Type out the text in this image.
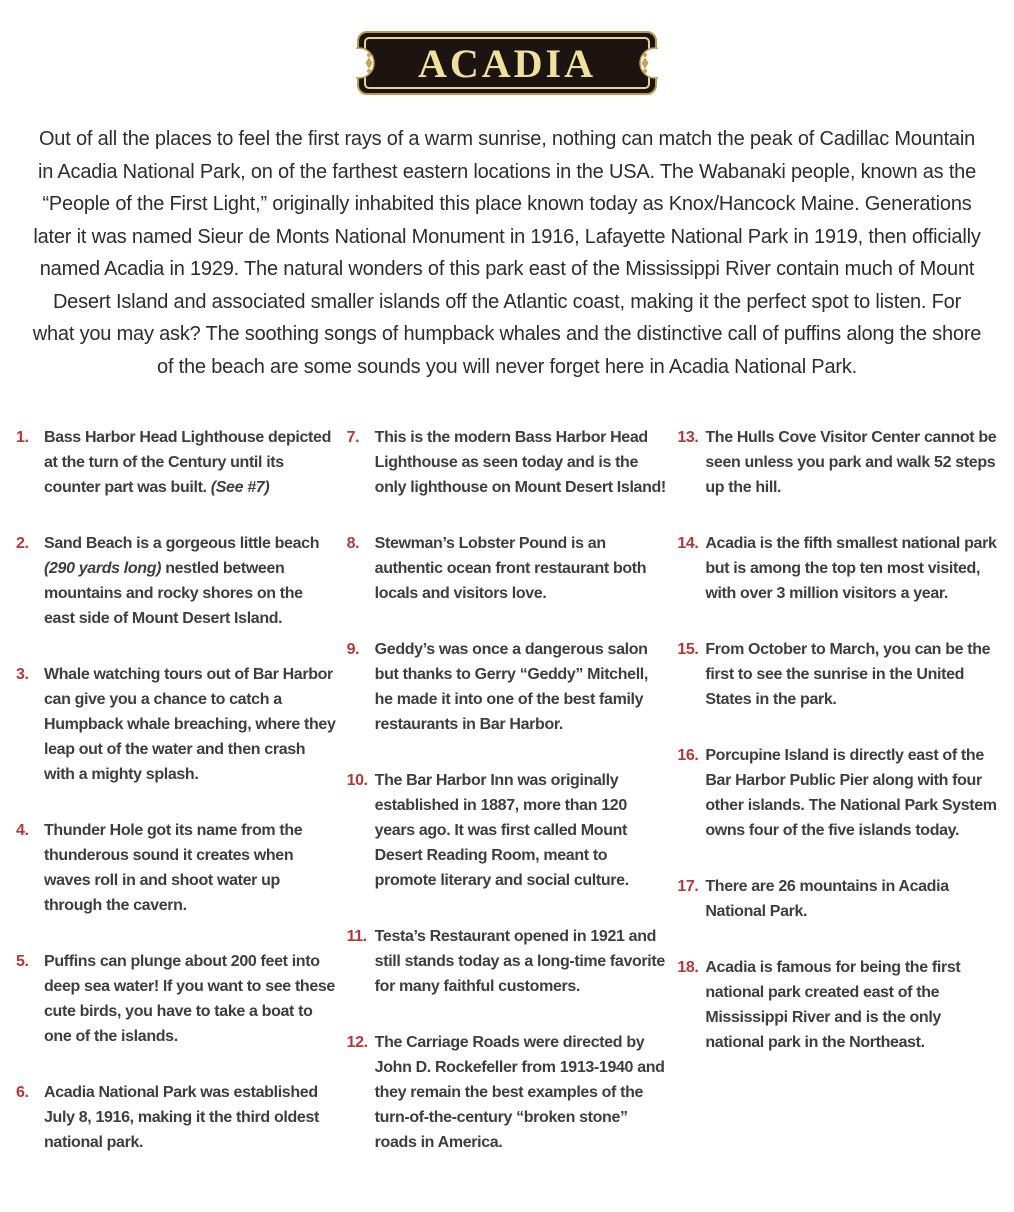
ACADIA

Out of all the places to feel the first rays of a warm sunrise, nothing can match the peak of Cadillac Mountain in Acadia National Park, on of the farthest eastern locations in the USA. The Wabanaki people, known as the “People of the First Light,” originally inhabited this place known today as Knox/Hancock Maine. Generations later it was named Sieur de Monts National Monument in 1916, Lafayette National Park in 1919, then officially named Acadia in 1929. The natural wonders of this park east of the Mississippi River contain much of Mount Desert Island and associated smaller islands off the Atlantic coast, making it the perfect spot to listen. For what you may ask? The soothing songs of humpback whales and the distinctive call of puffins along the shore of the beach are some sounds you will never forget here in Acadia National Park.

1. Bass Harbor Head Lighthouse depicted at the turn of the Century until its counter part was built. (See #7)
2. Sand Beach is a gorgeous little beach (290 yards long) nestled between mountains and rocky shores on the east side of Mount Desert Island.
3. Whale watching tours out of Bar Harbor can give you a chance to catch a Humpback whale breaching, where they leap out of the water and then crash with a mighty splash.
4. Thunder Hole got its name from the thunderous sound it creates when waves roll in and shoot water up through the cavern.
5. Puffins can plunge about 200 feet into deep sea water! If you want to see these cute birds, you have to take a boat to one of the islands.
6. Acadia National Park was established July 8, 1916, making it the third oldest national park.
7. This is the modern Bass Harbor Head Lighthouse as seen today and is the only lighthouse on Mount Desert Island!
8. Stewman’s Lobster Pound is an authentic ocean front restaurant both locals and visitors love.
9. Geddy’s was once a dangerous salon but thanks to Gerry “Geddy” Mitchell, he made it into one of the best family restaurants in Bar Harbor.
10. The Bar Harbor Inn was originally established in 1887, more than 120 years ago. It was first called Mount Desert Reading Room, meant to promote literary and social culture.
11. Testa’s Restaurant opened in 1921 and still stands today as a long-time favorite for many faithful customers.
12. The Carriage Roads were directed by John D. Rockefeller from 1913-1940 and they remain the best examples of the turn-of-the-century “broken stone” roads in America.
13. The Hulls Cove Visitor Center cannot be seen unless you park and walk 52 steps up the hill.
14. Acadia is the fifth smallest national park but is among the top ten most visited, with over 3 million visitors a year.
15. From October to March, you can be the first to see the sunrise in the United States in the park.
16. Porcupine Island is directly east of the Bar Harbor Public Pier along with four other islands. The National Park System owns four of the five islands today.
17. There are 26 mountains in Acadia National Park.
18. Acadia is famous for being the first national park created east of the Mississippi River and is the only national park in the Northeast.
